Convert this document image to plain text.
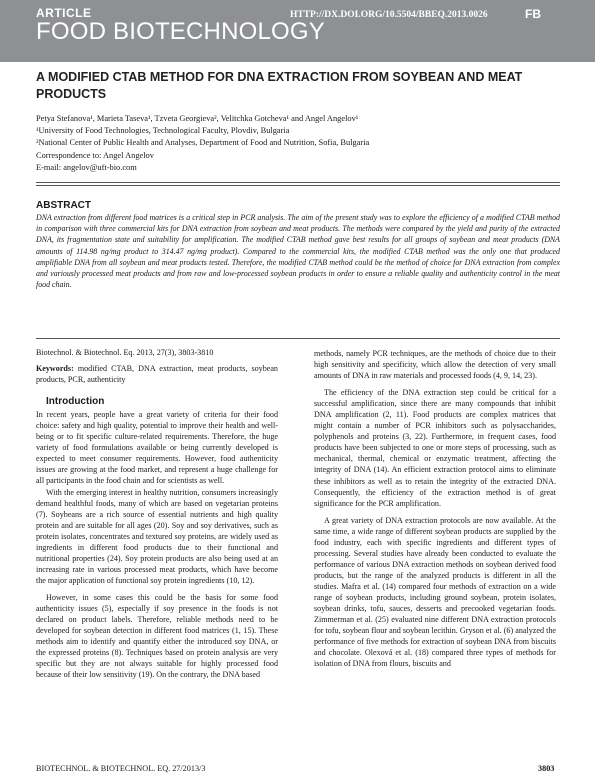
ARTICLE
FOOD BIOTECHNOLOGY
HTTP://DX.DOI.ORG/10.5504/BBEQ.2013.0026	FB
A MODIFIED CTAB METHOD FOR DNA EXTRACTION FROM SOYBEAN AND MEAT PRODUCTS
Petya Stefanova¹, Marieta Taseva¹, Tzveta Georgieva², Velitchka Gotcheva¹ and Angel Angelov¹
¹University of Food Technologies, Technological Faculty, Plovdiv, Bulgaria
²National Center of Public Health and Analyses, Department of Food and Nutrition, Sofia, Bulgaria
Correspondence to: Angel Angelov
E-mail: angelov@uft-bio.com
ABSTRACT
DNA extraction from different food matrices is a critical step in PCR analysis. The aim of the present study was to explore the efficiency of a modified CTAB method in comparison with three commercial kits for DNA extraction from soybean and meat products. The methods were compared by the yield and purity of the extracted DNA, its fragmentation state and suitability for amplification. The modified CTAB method gave best results for all groups of soybean and meat products (DNA amounts of 114.98 ng/mg product to 314.47 ng/mg product). Compared to the commercial kits, the modified CTAB method was the only one that produced amplifiable DNA from all soybean and meat products tested. Therefore, the modified CTAB method could be the method of choice for DNA extraction from complex and variously processed meat products and from raw and low-processed soybean products in order to ensure a reliable quality and authenticity control in the meat food chain.

Biotechnol. & Biotechnol. Eq. 2013, 27(3), 3803-3810

Keywords: modified CTAB, DNA extraction, meat products, soybean products, PCR, authenticity

Introduction

In recent years, people have a great variety of criteria for their food choice: safety and high quality, potential to improve their health and well-being or to fit specific culture-related requirements. Therefore, the huge variety of food formulations available or being currently developed is expected to meet consumer requirements. However, food authenticity issues are growing at the food market, and represent a huge challenge for all participants in the food chain and for scientists as well.

With the emerging interest in healthy nutrition, consumers increasingly demand healthful foods, many of which are based on vegetarian proteins (7). Soybeans are a rich source of essential nutrients and high quality protein and are suitable for all ages (20). Soy and soy derivatives, such as protein isolates, concentrates and textured soy proteins, are widely used as ingredients in different food products due to their functional and nutritional properties (24). Soy protein products are also being used at an increasing rate in various processed meat products, which have become the major application of functional soy protein ingredients (10, 12).

However, in some cases this could be the basis for some food authenticity issues (5), especially if soy presence in the foods is not declared on product labels. Therefore, reliable methods need to be developed for soybean detection in different food matrices (1, 15). These methods aim to identify and quantify either the introduced soy DNA, or the expressed proteins (8). Techniques based on protein analysis are very specific but they are not always suitable for highly processed food because of their low sensitivity (19). On the contrary, the DNA based

methods, namely PCR techniques, are the methods of choice due to their high sensitivity and specificity, which allow the detection of very small amounts of DNA in raw materials and processed foods (4, 9, 14, 23).

The efficiency of the DNA extraction step could be critical for a successful amplification, since there are many compounds that inhibit DNA amplification (2, 11). Food products are complex matrices that might contain a number of PCR inhibitors such as polysaccharides, polyphenols and proteins (3, 22). Furthermore, in frequent cases, food products have been subjected to one or more steps of processing, such as mechanical, thermal, chemical or enzymatic treatment, affecting the integrity of DNA (14). An efficient extraction protocol aims to eliminate these inhibitors as well as to retain the integrity of the extracted DNA. Consequently, the efficiency of the extraction method is of great significance for the PCR amplification.

A great variety of DNA extraction protocols are now available. At the same time, a wide range of different soybean products are supplied by the food industry, each with specific ingredients and different types of processing. Several studies have already been conducted to evaluate the performance of various DNA extraction methods on soybean derived food products, but the range of the analyzed products is different in all the studies. Mafra et al. (14) compared four methods of extraction on a wide range of soybean products, including ground soybean, protein isolates, soybean drinks, tofu, sauces, desserts and precooked vegetarian foods. Zimmerman et al. (25) evaluated nine different DNA extraction protocols for tofu, soybean flour and soybean lecithin. Gryson et al. (6) analyzed the performance of five methods for extraction of soybean DNA from biscuits and chocolate. Olexová et al. (18) compared three types of methods for isolation of DNA from flours, biscuits and

BIOTECHNOL. & BIOTECHNOL. EQ. 27/2013/3	3803
